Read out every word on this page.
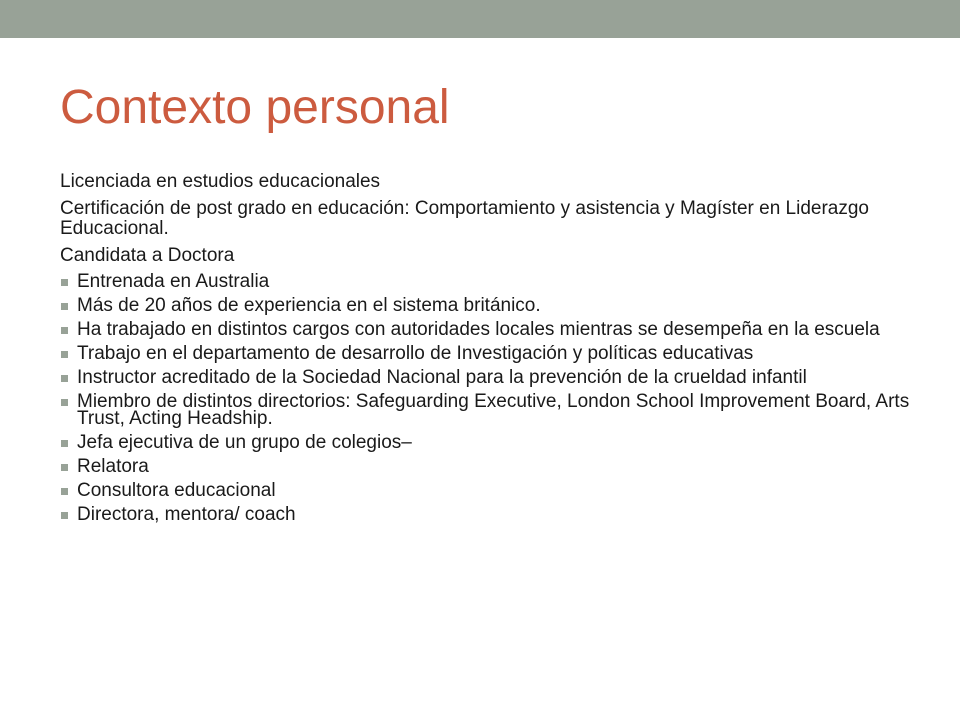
Contexto personal

Licenciada en estudios educacionales

Certificación de post grado en educación: Comportamiento y asistencia y Magíster en Liderazgo Educacional.

Candidata a Doctora

Entrenada en Australia
Más de 20 años de experiencia en el sistema británico.
Ha trabajado en distintos cargos con autoridades locales mientras se desempeña en la escuela
Trabajo en el departamento de desarrollo de Investigación y políticas educativas
Instructor acreditado de la Sociedad Nacional para la prevención de la crueldad infantil
Miembro de distintos directorios: Safeguarding Executive, London School Improvement Board, Arts Trust, Acting Headship.
Jefa ejecutiva de un grupo de colegios–
Relatora
Consultora educacional
Directora, mentora/ coach
